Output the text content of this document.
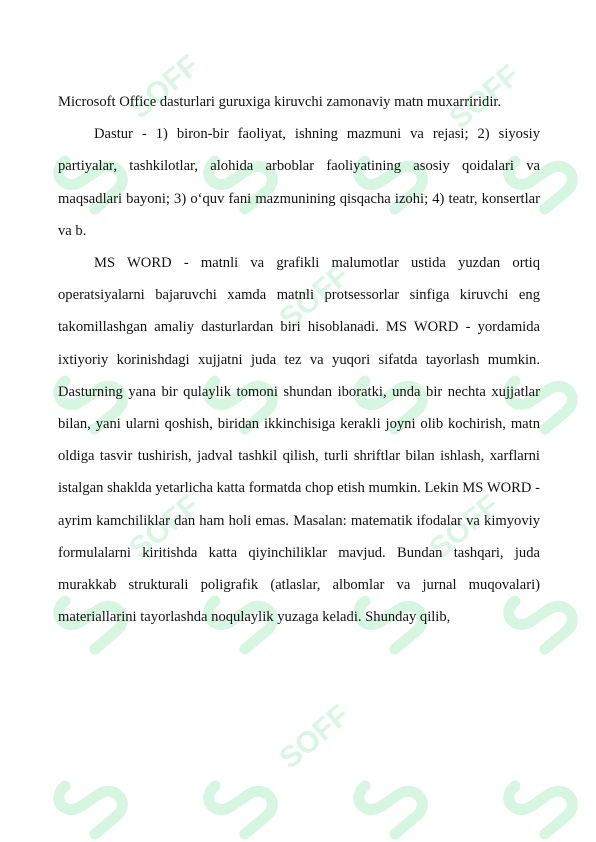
SOFF	SOFF
SOFF
SOFF	SOFF
SOFF

Microsoft Office dasturlari guruxiga kiruvchi zamonaviy matn muxarriridir.

Dastur - 1) biron-bir faoliyat, ishning mazmuni va rejasi; 2) siyosiy partiyalar, tashkilotlar, alohida arboblar faoliyatining asosiy qoidalari va maqsadlari bayoni; 3) o‘quv fani mazmunining qisqacha izohi; 4) teatr, konsertlar va b.

MS WORD - matnli va grafikli malumotlar ustida yuzdan ortiq operatsiyalarni bajaruvchi xamda matnli protsessorlar sinfiga kiruvchi eng takomillashgan amaliy dasturlardan biri hisoblanadi. MS WORD - yordamida ixtiyoriy korinishdagi xujjatni juda tez va yuqori sifatda tayorlash mumkin. Dasturning yana bir qulaylik tomoni shundan iboratki, unda bir nechta xujjatlar bilan, yani ularni qoshish, biridan ikkinchisiga kerakli joyni olib kochirish, matn oldiga tasvir tushirish, jadval tashkil qilish, turli shriftlar bilan ishlash, xarflarni istalgan shaklda yetarlicha katta formatda chop etish mumkin. Lekin MS WORD - ayrim kamchiliklar dan ham holi emas. Masalan: matematik ifodalar va kimyoviy formulalarni kiritishda katta qiyinchiliklar mavjud. Bundan tashqari, juda murakkab strukturali poligrafik (atlaslar, albomlar va jurnal muqovalari) materiallarini tayorlashda noqulaylik yuzaga keladi. Shunday qilib,
